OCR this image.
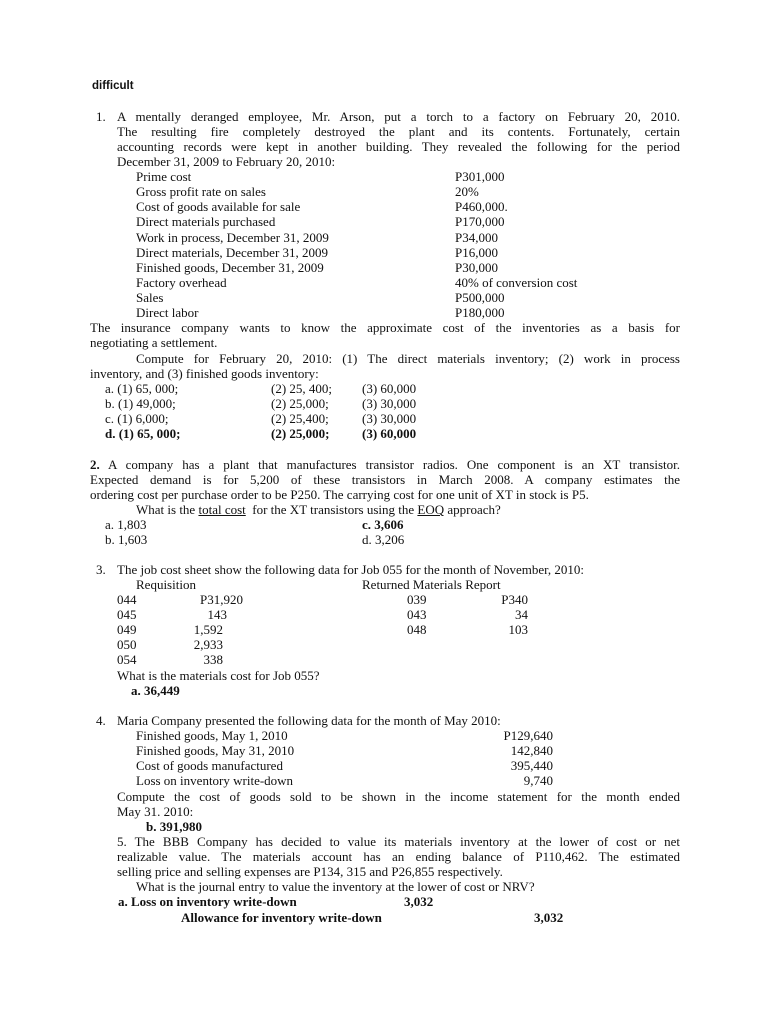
difficult
1. A mentally deranged employee, Mr. Arson, put a torch to a factory on February 20, 2010.
The resulting fire completely destroyed the plant and its contents. Fortunately, certain
accounting records were kept in another building. They revealed the following for the period
December 31, 2009 to February 20, 2010:
Prime cost	P301,000
Gross profit rate on sales	20%
Cost of goods available for sale	P460,000.
Direct materials purchased	P170,000
Work in process, December 31, 2009	P34,000
Direct materials, December 31, 2009	P16,000
Finished goods, December 31, 2009	P30,000
Factory overhead	40% of conversion cost
Sales	P500,000
Direct labor	P180,000
The insurance company wants to know the approximate cost of the inventories as a basis for
negotiating a settlement.
Compute for February 20, 2010: (1) The direct materials inventory; (2) work in process
inventory, and (3) finished goods inventory:
a. (1) 65, 000;	(2) 25, 400; (3) 60,000
b. (1) 49,000;	(2) 25,000;	(3) 30,000
c. (1) 6,000;	(2) 25,400;	(3) 30,000
d. (1) 65, 000;	(2) 25,000;	(3) 60,000
2. A company has a plant that manufactures transistor radios. One component is an XT transistor.
Expected demand is for 5,200 of these transistors in March 2008. A company estimates the
ordering cost per purchase order to be P250. The carrying cost for one unit of XT in stock is P5.
What is the total cost  for the XT transistors using the EOQ approach?
a. 1,803
b. 1,603
c. 3,606
d. 3,206
3. The job cost sheet show the following data for Job 055 for the month of November, 2010:
Requisition	Returned Materials Report
044	P31,920
045	143
049	1,592
050	2,933
054	338
039	P340
043	34
048	103
What is the materials cost for Job 055?
a. 36,449
4. Maria Company presented the following data for the month of May 2010:
Finished goods, May 1, 2010	P129,640
Finished goods, May 31, 2010	142,840
Cost of goods manufactured	395,440
Loss on inventory write-down	9,740
Compute the cost of goods sold to be shown in the income statement for the month ended
May 31. 2010:
b. 391,980
5. The BBB Company has decided to value its materials inventory at the lower of cost or net
realizable value. The materials account has an ending balance of P110,462. The estimated
selling price and selling expenses are P134, 315 and P26,855 respectively.
What is the journal entry to value the inventory at the lower of cost or NRV?
a. Loss on inventory write-down	3,032
Allowance for inventory write-down	3,032
